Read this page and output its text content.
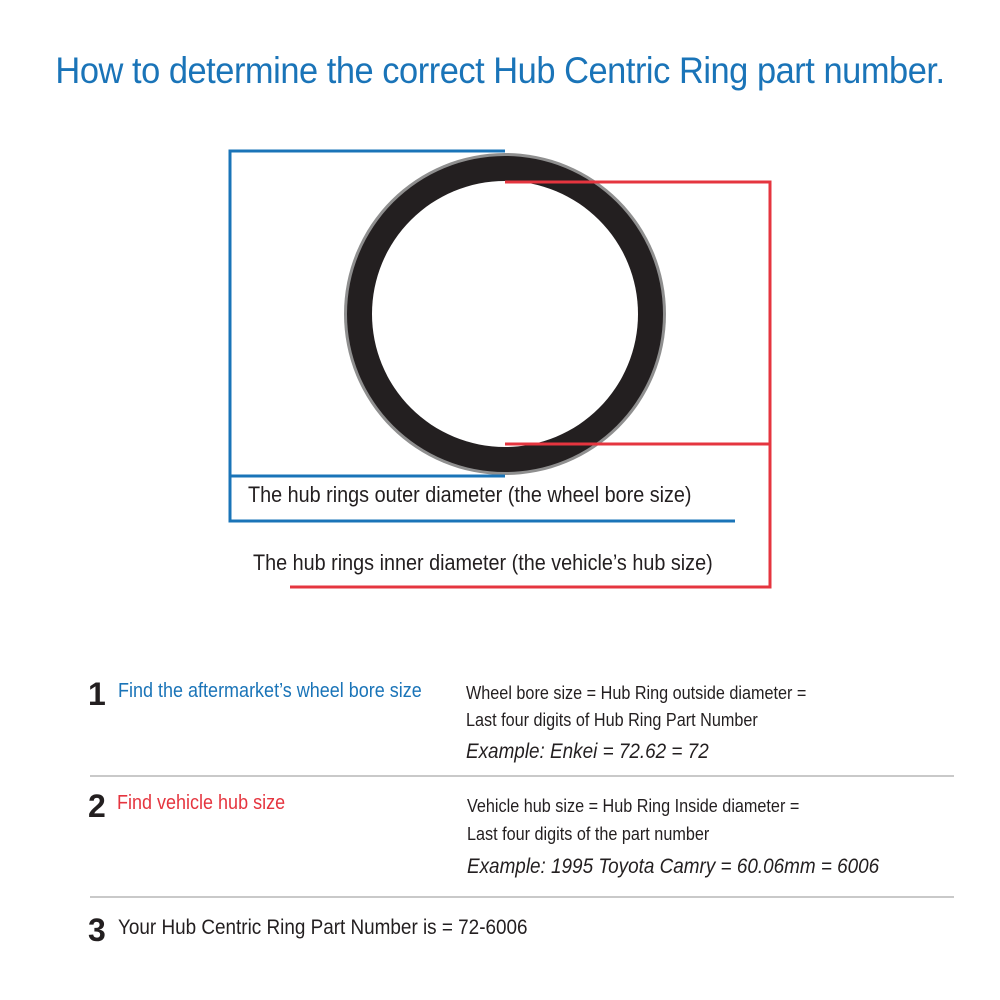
How to determine the correct Hub Centric Ring part number.
The hub rings outer diameter (the wheel bore size)
The hub rings inner diameter (the vehicle’s hub size)
1 Find the aftermarket’s wheel bore size Wheel bore size = Hub Ring outside diameter =
Last four digits of Hub Ring Part Number
Example: Enkei = 72.62 = 72
2 Find vehicle hub size	Vehicle hub size = Hub Ring Inside diameter =
Last four digits of the part number
Example: 1995 Toyota Camry = 60.06mm = 6006
3 Your Hub Centric Ring Part Number is = 72-6006
